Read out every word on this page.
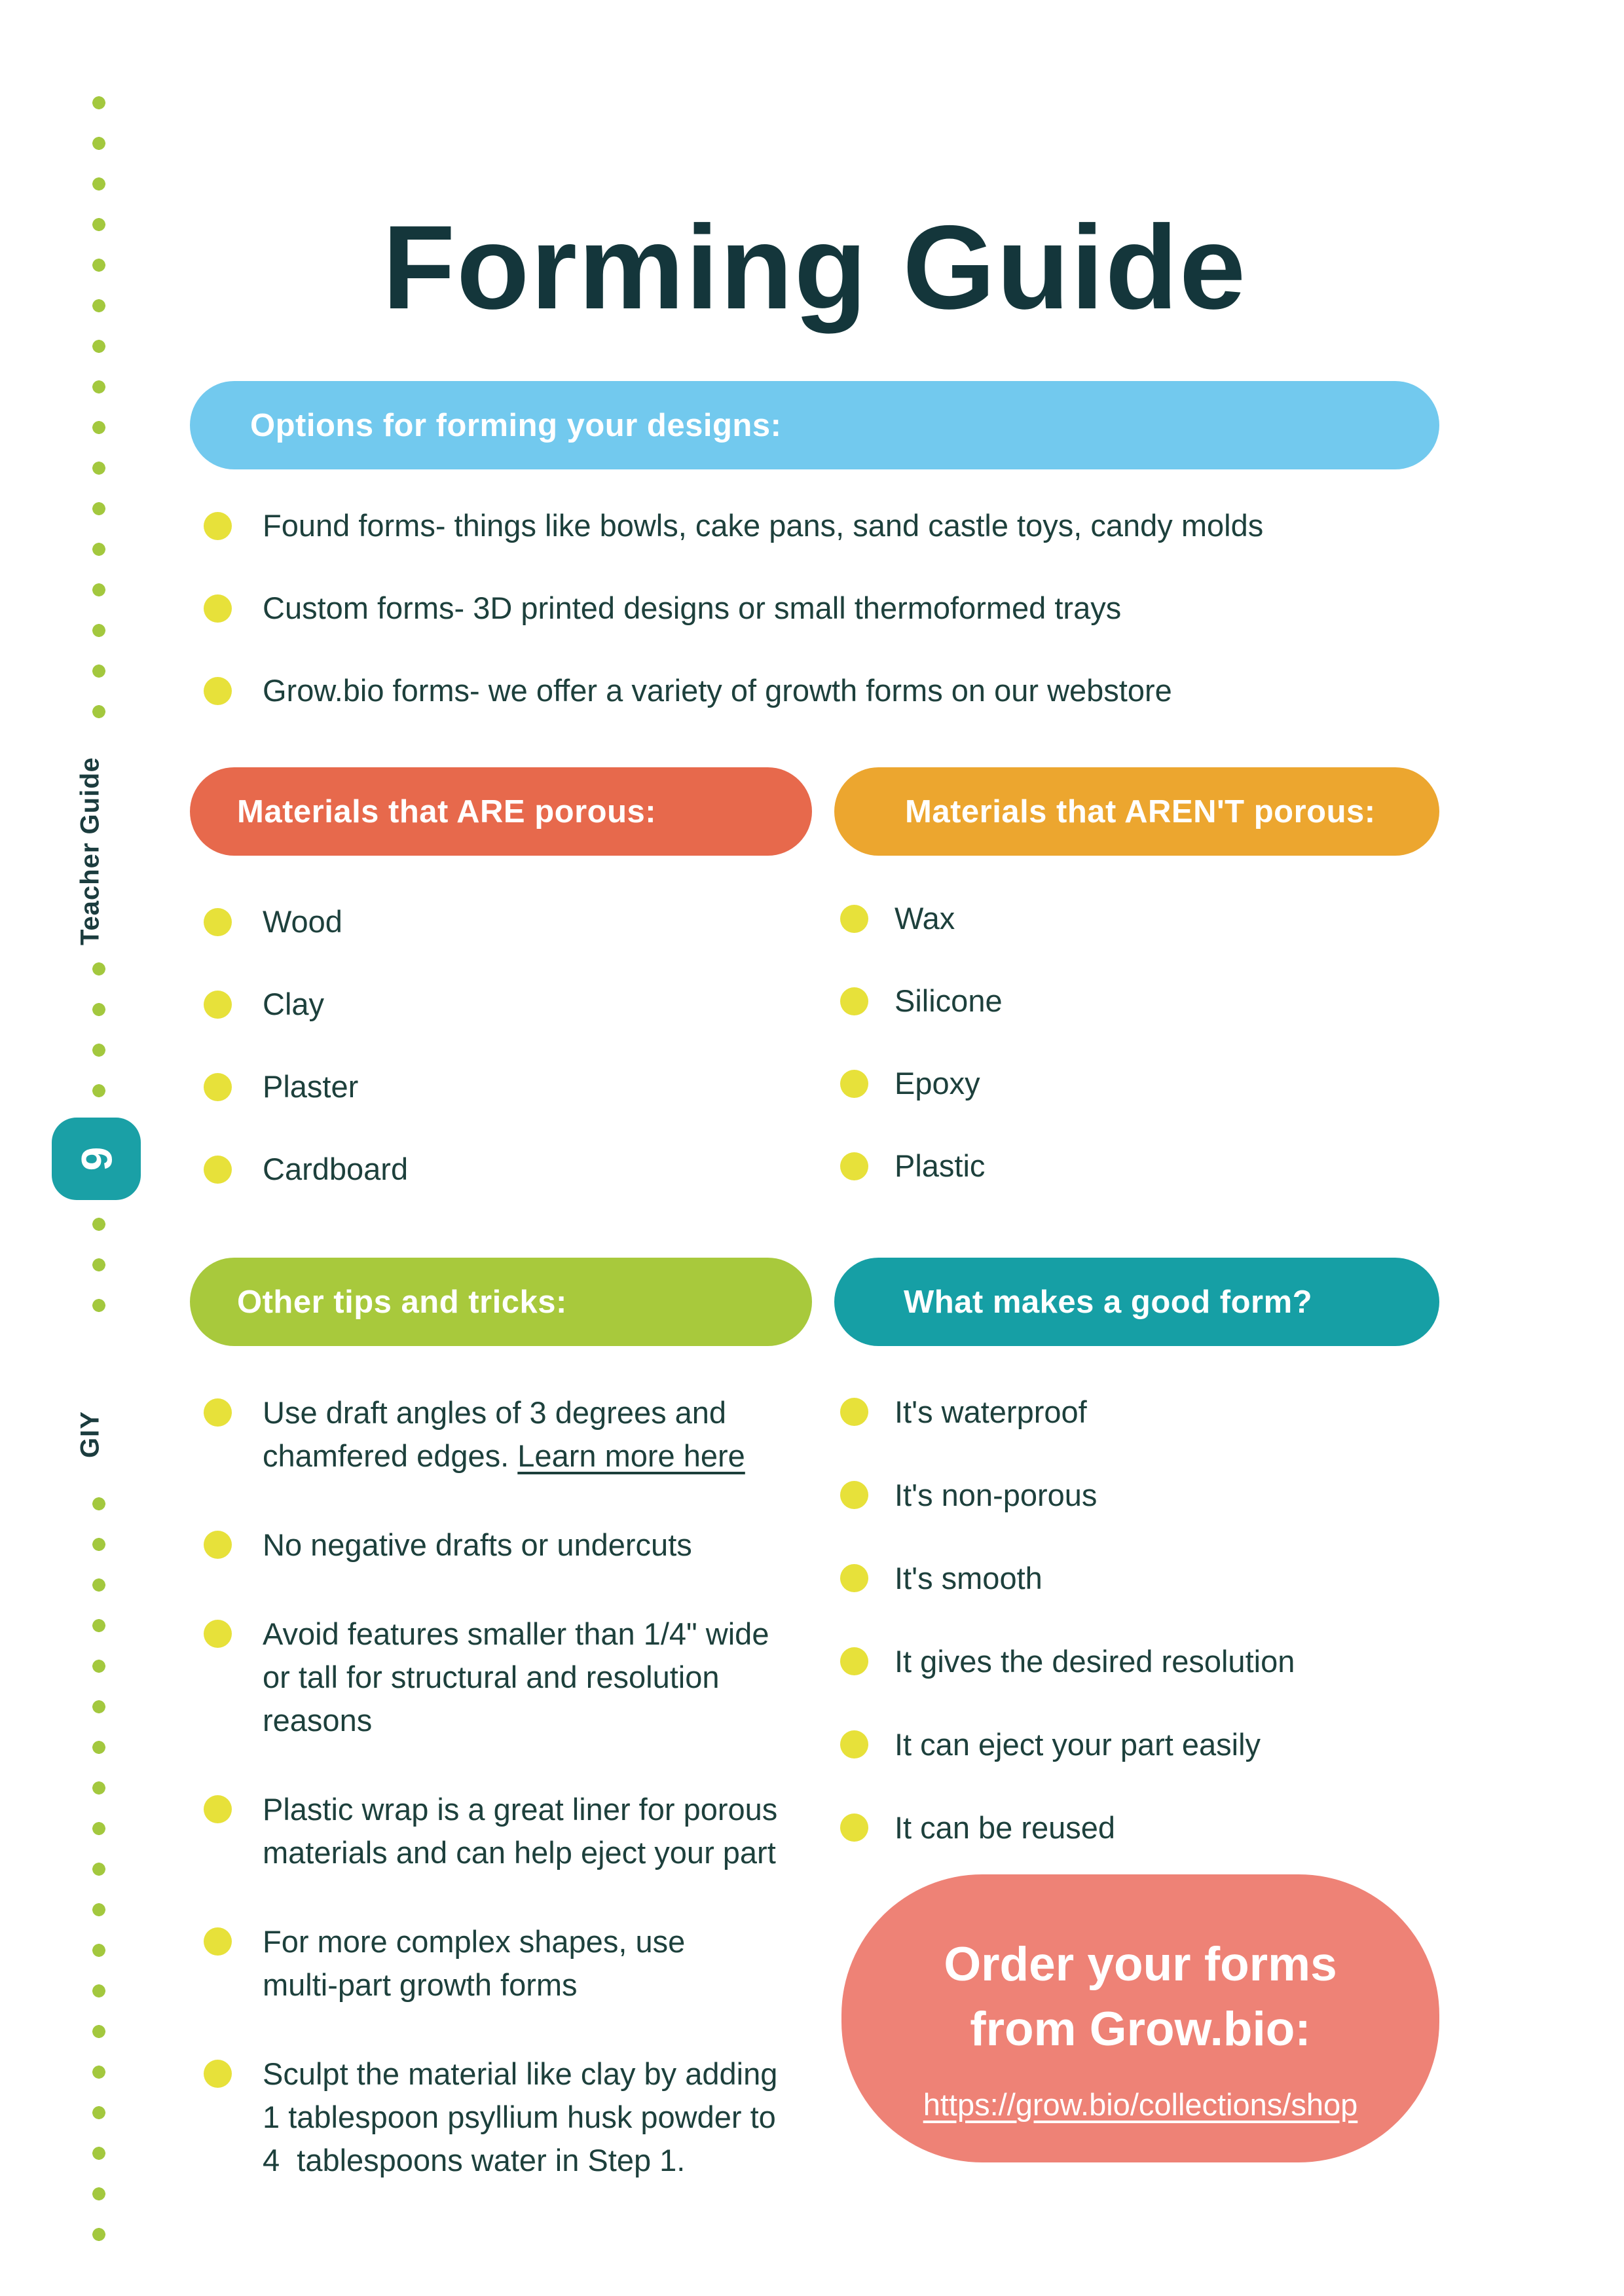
Teacher Guide
9
GIY
Forming Guide
Options for forming your designs:
Found forms- things like bowls, cake pans, sand castle toys, candy molds
Custom forms- 3D printed designs or small thermoformed trays
Grow.bio forms- we offer a variety of growth forms on our webstore
Materials that ARE porous:	Materials that AREN'T porous:
Wood
Clay
Plaster
Cardboard
Wax
Silicone
Epoxy
Plastic
Other tips and tricks:	What makes a good form?
Use draft angles of 3 degrees and
chamfered edges. Learn more here
No negative drafts or undercuts
Avoid features smaller than 1/4" wide
or tall for structural and resolution
reasons
Plastic wrap is a great liner for porous
materials and can help eject your part
For more complex shapes, use
multi-part growth forms
Sculpt the material like clay by adding
1 tablespoon psyllium husk powder to
4  tablespoons water in Step 1.
It's waterproof
It's non-porous
It's smooth
It gives the desired resolution
It can eject your part easily
It can be reused
Order your forms
from Grow.bio:
https://grow.bio/collections/shop
